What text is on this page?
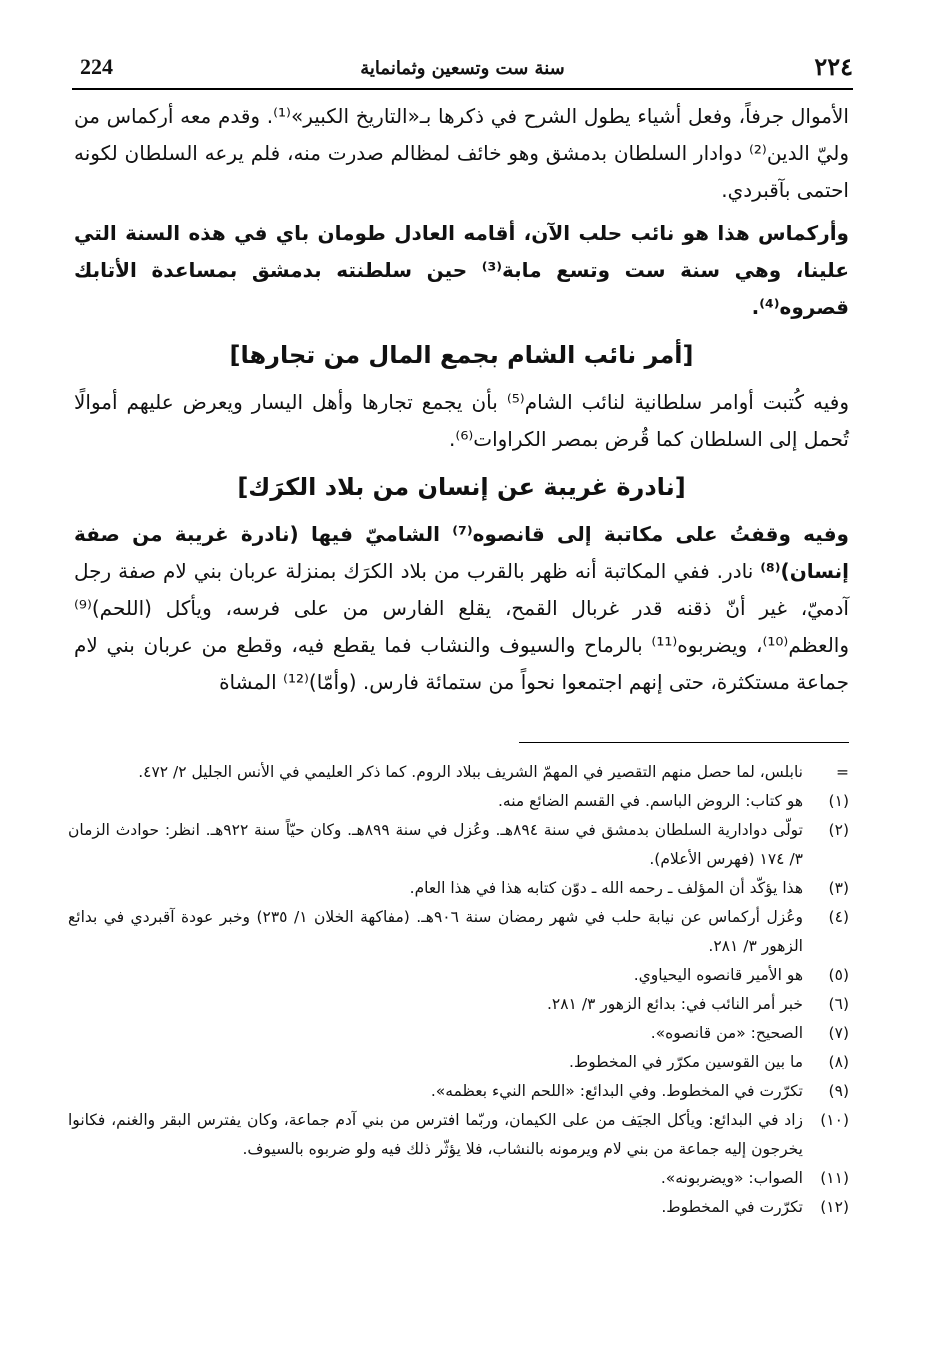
224	سنة ست وتسعين وثمانماية	٢٢٤

الأموال جرفاً، وفعل أشياء يطول الشرح في ذكرها بـ«التاريخ الكبير»⁽¹⁾. وقدم معه أركماس من وليّ الدين⁽²⁾ دوادار السلطان بدمشق وهو خائف لمظالم صدرت منه، فلم يرعه السلطان لكونه احتمى بآقبردي.

وأركماس هذا هو نائب حلب الآن، أقامه العادل طومان باي في هذه السنة التي علينا، وهي سنة ست وتسع مابة⁽³⁾ حين سلطنته بدمشق بمساعدة الأتابك قصروه⁽⁴⁾.

[أمر نائب الشام بجمع المال من تجارها]

وفيه كُتبت أوامر سلطانية لنائب الشام⁽⁵⁾ بأن يجمع تجارها وأهل اليسار ويعرض عليهم أموالًا تُحمل إلى السلطان كما قُرض بمصر الكراوات⁽⁶⁾.

[نادرة غريبة عن إنسان من بلاد الكرَك]

وفيه وقفتُ على مكاتبة إلى قانصوه⁽⁷⁾ الشاميّ فيها (نادرة غريبة من صفة إنسان)⁽⁸⁾ نادر. ففي المكاتبة أنه ظهر بالقرب من بلاد الكرَك بمنزلة عربان بني لام صفة رجل آدميّ، غير أنّ ذقنه قدر غربال القمح، يقلع الفارس من على فرسه، ويأكل (اللحم)⁽⁹⁾ والعظم⁽¹⁰⁾، ويضربوه⁽¹¹⁾ بالرماح والسيوف والنشاب فما يقطع فيه، وقطع من عربان بني لام جماعة مستكثرة، حتى إنهم اجتمعوا نحواً من ستمائة فارس. (وأمّا)⁽¹²⁾ المشاة

=
نابلس، لما حصل منهم التقصير في المهمّ الشريف ببلاد الروم. كما ذكر العليمي في الأنس الجليل ٢/ ٤٧٢.
(١)
هو كتاب: الروض الباسم. في القسم الضائع منه.
(٢)
تولّى دوادارية السلطان بدمشق في سنة ٨٩٤هـ. وعُزل في سنة ٨٩٩هـ. وكان حيّاً سنة ٩٢٢هـ. انظر: حوادث الزمان ٣/ ١٧٤ (فهرس الأعلام).
(٣)
هذا يؤكّد أن المؤلف ـ رحمه الله ـ دوّن كتابه هذا في هذا العام.
(٤)
وعُزل أركماس عن نيابة حلب في شهر رمضان سنة ٩٠٦هـ. (مفاكهة الخلان ١/ ٢٣٥) وخبر عودة آقبردي في بدائع الزهور ٣/ ٢٨١.
(٥)
هو الأمير قانصوه اليحياوي.
(٦)
خبر أمر النائب في: بدائع الزهور ٣/ ٢٨١.
(٧)
الصحيح: «من قانصوه».
(٨)
ما بين القوسين مكرّر في المخطوط.
(٩)
تكرّرت في المخطوط. وفي البدائع: «اللحم النيء بعظمه».
(١٠)
زاد في البدائع: ويأكل الجيَف من على الكيمان، وربّما افترس من بني آدم جماعة، وكان يفترس البقر والغنم، فكانوا يخرجون إليه جماعة من بني لام ويرمونه بالنشاب، فلا يؤثّر ذلك فيه ولو ضربوه بالسيوف.
(١١)
الصواب: «ويضربونه».
(١٢)
تكرّرت في المخطوط.
